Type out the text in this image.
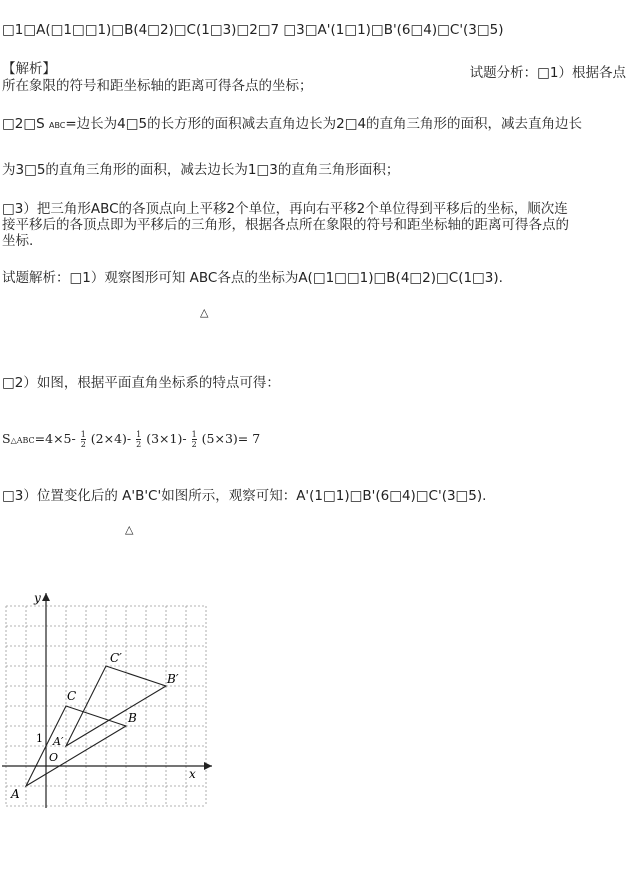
□1□A(□1□□1)□B(4□2)□C(1□3)□2□7 □3□A'(1□1)□B'(6□4)□C'(3□5)
【解析】	试题分析：□1）根据各点
所在象限的符号和距坐标轴的距离可得各点的坐标；
□2□S ABC=边长为4□5的长方形的面积减去直角边长为2□4的直角三角形的面积，减去直角边长
为3□5的直角三角形的面积，减去边长为1□3的直角三角形面积；
□3）把三角形ABC的各顶点向上平移2个单位，再向右平移2个单位得到平移后的坐标，顺次连
接平移后的各顶点即为平移后的三角形，根据各点所在象限的符号和距坐标轴的距离可得各点的
坐标.
试题解析：□1）观察图形可知 ABC各点的坐标为A(□1□□1)□B(4□2)□C(1□3).
△
□2）如图，根据平面直角坐标系的特点可得：
S△ABC=4×5- $\frac{1}{2} (2\times 4)- \frac{1}{2} (3\times 1)- \frac{1}{2} (5\times 3)= 7$
□3）位置变化后的 A'B'C'如图所示，观察可知：A'(1□1)□B'(6□4)□C'(3□5).
△
y
x
O
1
A
B
C
A′
B′
C′
